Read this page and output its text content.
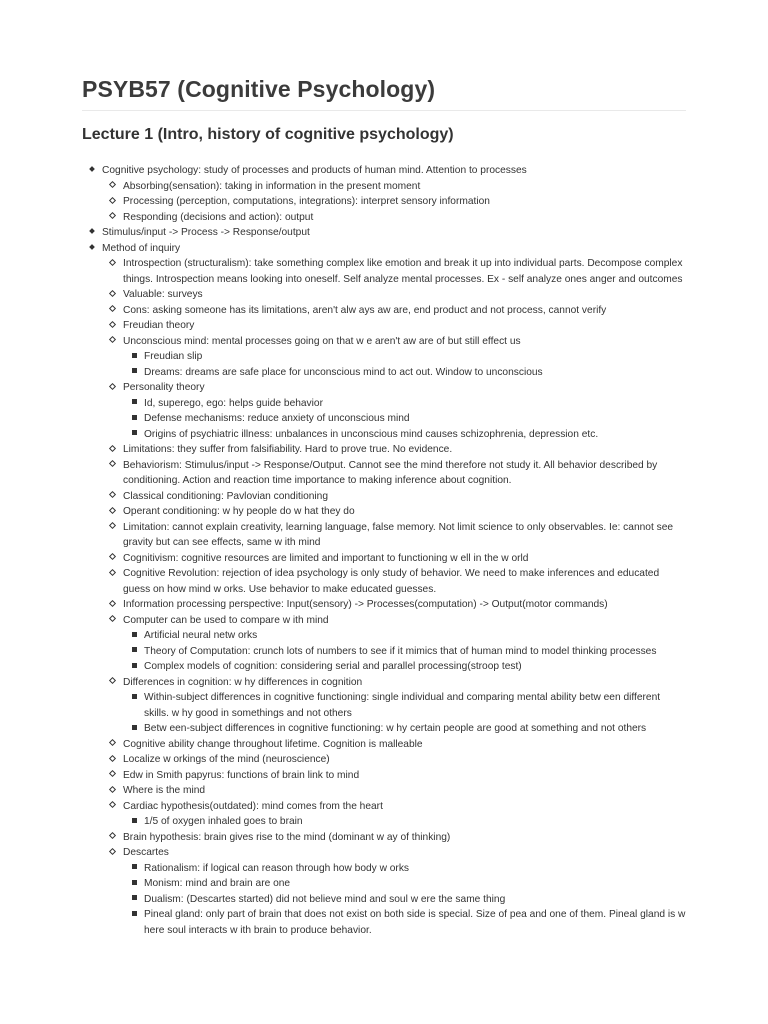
PSYB57 (Cognitive Psychology)
Lecture 1 (Intro, history of cognitive psychology)
Cognitive psychology: study of processes and products of human mind. Attention to processes
Absorbing(sensation): taking in information in the present moment
Processing (perception, computations, integrations): interpret sensory information
Responding (decisions and action): output
Stimulus/input -> Process -> Response/output
Method of inquiry
Introspection (structuralism): take something complex like emotion and break it up into individual parts. Decompose complex things. Introspection means looking into oneself. Self analyze mental processes. Ex - self analyze ones anger and outcomes
Valuable: surveys
Cons: asking someone has its limitations, aren't alw ays aw are, end product and not process, cannot verify
Freudian theory
Unconscious mind: mental processes going on that w e aren't aw are of but still effect us
Freudian slip
Dreams: dreams are safe place for unconscious mind to act out. Window to unconscious
Personality theory
Id, superego, ego: helps guide behavior
Defense mechanisms: reduce anxiety of unconscious mind
Origins of psychiatric illness: unbalances in unconscious mind causes schizophrenia, depression etc.
Limitations: they suffer from falsifiability. Hard to prove true. No evidence.
Behaviorism: Stimulus/input -> Response/Output. Cannot see the mind therefore not study it. All behavior described by conditioning. Action and reaction time importance to making inference about cognition.
Classical conditioning: Pavlovian conditioning
Operant conditioning: w hy people do w hat they do
Limitation: cannot explain creativity, learning language, false memory. Not limit science to only observables. Ie: cannot see gravity but can see effects, same w ith mind
Cognitivism: cognitive resources are limited and important to functioning w ell in the w orld
Cognitive Revolution: rejection of idea psychology is only study of behavior. We need to make inferences and educated guess on how mind w orks. Use behavior to make educated guesses.
Information processing perspective: Input(sensory) -> Processes(computation) -> Output(motor commands)
Computer can be used to compare w ith mind
Artificial neural netw orks
Theory of Computation: crunch lots of numbers to see if it mimics that of human mind to model thinking processes
Complex models of cognition: considering serial and parallel processing(stroop test)
Differences in cognition: w hy differences in cognition
Within-subject differences in cognitive functioning: single individual and comparing mental ability betw een different skills. w hy good in somethings and not others
Betw een-subject differences in cognitive functioning: w hy certain people are good at something and not others
Cognitive ability change throughout lifetime. Cognition is malleable
Localize w orkings of the mind (neuroscience)
Edw in Smith papyrus: functions of brain link to mind
Where is the mind
Cardiac hypothesis(outdated): mind comes from the heart
1/5 of oxygen inhaled goes to brain
Brain hypothesis: brain gives rise to the mind (dominant w ay of thinking)
Descartes
Rationalism: if logical can reason through how body w orks
Monism: mind and brain are one
Dualism: (Descartes started) did not believe mind and soul w ere the same thing
Pineal gland: only part of brain that does not exist on both side is special. Size of pea and one of them. Pineal gland is w here soul interacts w ith brain to produce behavior.
